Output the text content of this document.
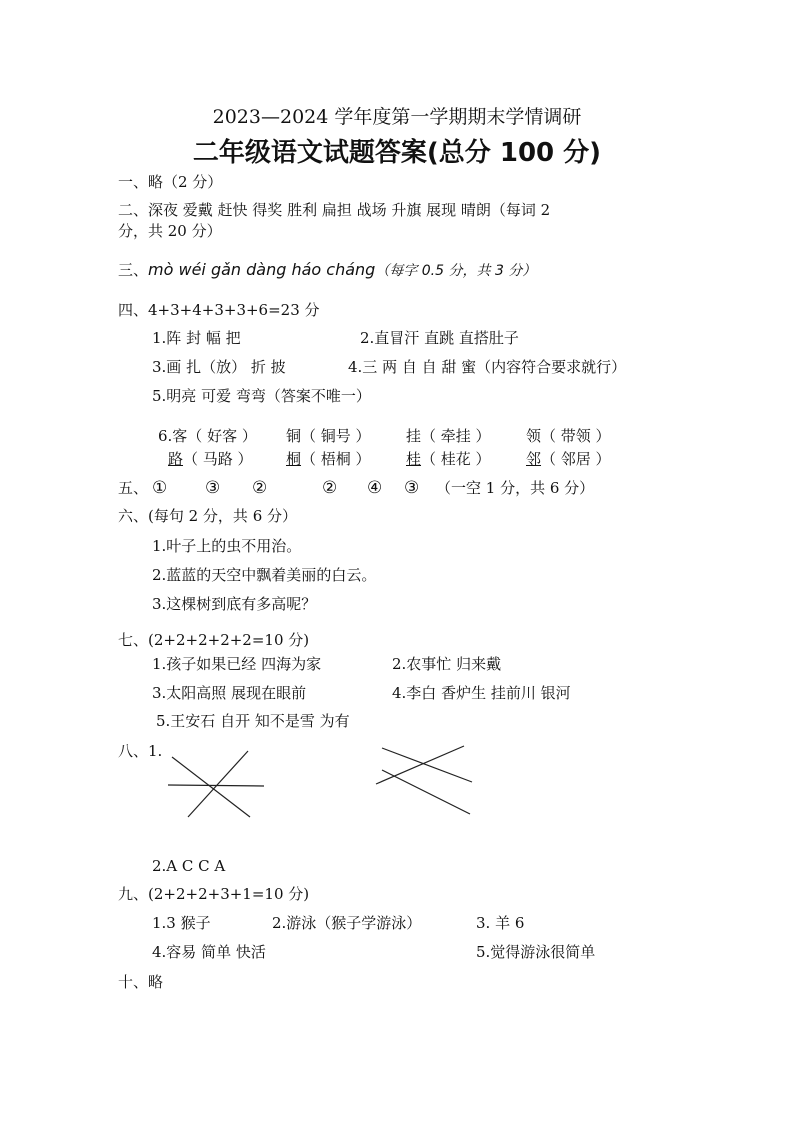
2023—2024 学年度第一学期期末学情调研
二年级语文试题答案(总分 100 分)
一、略（2 分）
二、深夜 爱戴 赶快 得奖 胜利 扁担 战场 升旗 展现 晴朗（每词 2
分，共 20 分）
三、mò wéi gǎn dàng háo cháng（每字 0.5 分，共 3 分）
四、4+3+4+3+3+6=23 分
1.阵 封 幅 把	2.直冒汗 直跳 直搭肚子
3.画 扎（放） 折 披	4.三 两 自 自 甜 蜜（内容符合要求就行）
5.明亮 可爱 弯弯（答案不唯一）
6.客（ 好客 ） 铜（ 铜号 ） 挂（ 牵挂 ） 领（ 带领 ）
路（ 马路 ） 桐（ 梧桐 ） 桂（ 桂花 ） 邻（ 邻居 ）
五、 ① ③ ②	② ④ ③ （一空 1 分，共 6 分）
六、(每句 2 分，共 6 分）
1.叶子上的虫不用治。
2.蓝蓝的天空中飘着美丽的白云。
3.这棵树到底有多高呢？
七、(2+2+2+2+2=10 分)
1.孩子如果已经 四海为家	2.农事忙 归来戴
3.太阳高照 展现在眼前	4.李白 香炉生 挂前川 银河
5.王安石 自开 知不是雪 为有
八、1.
2.A C C A
九、(2+2+2+3+1=10 分)
1.3 猴子	2.游泳（猴子学游泳）	3. 羊 6
4.容易 简单 快活	5.觉得游泳很简单
十、略
